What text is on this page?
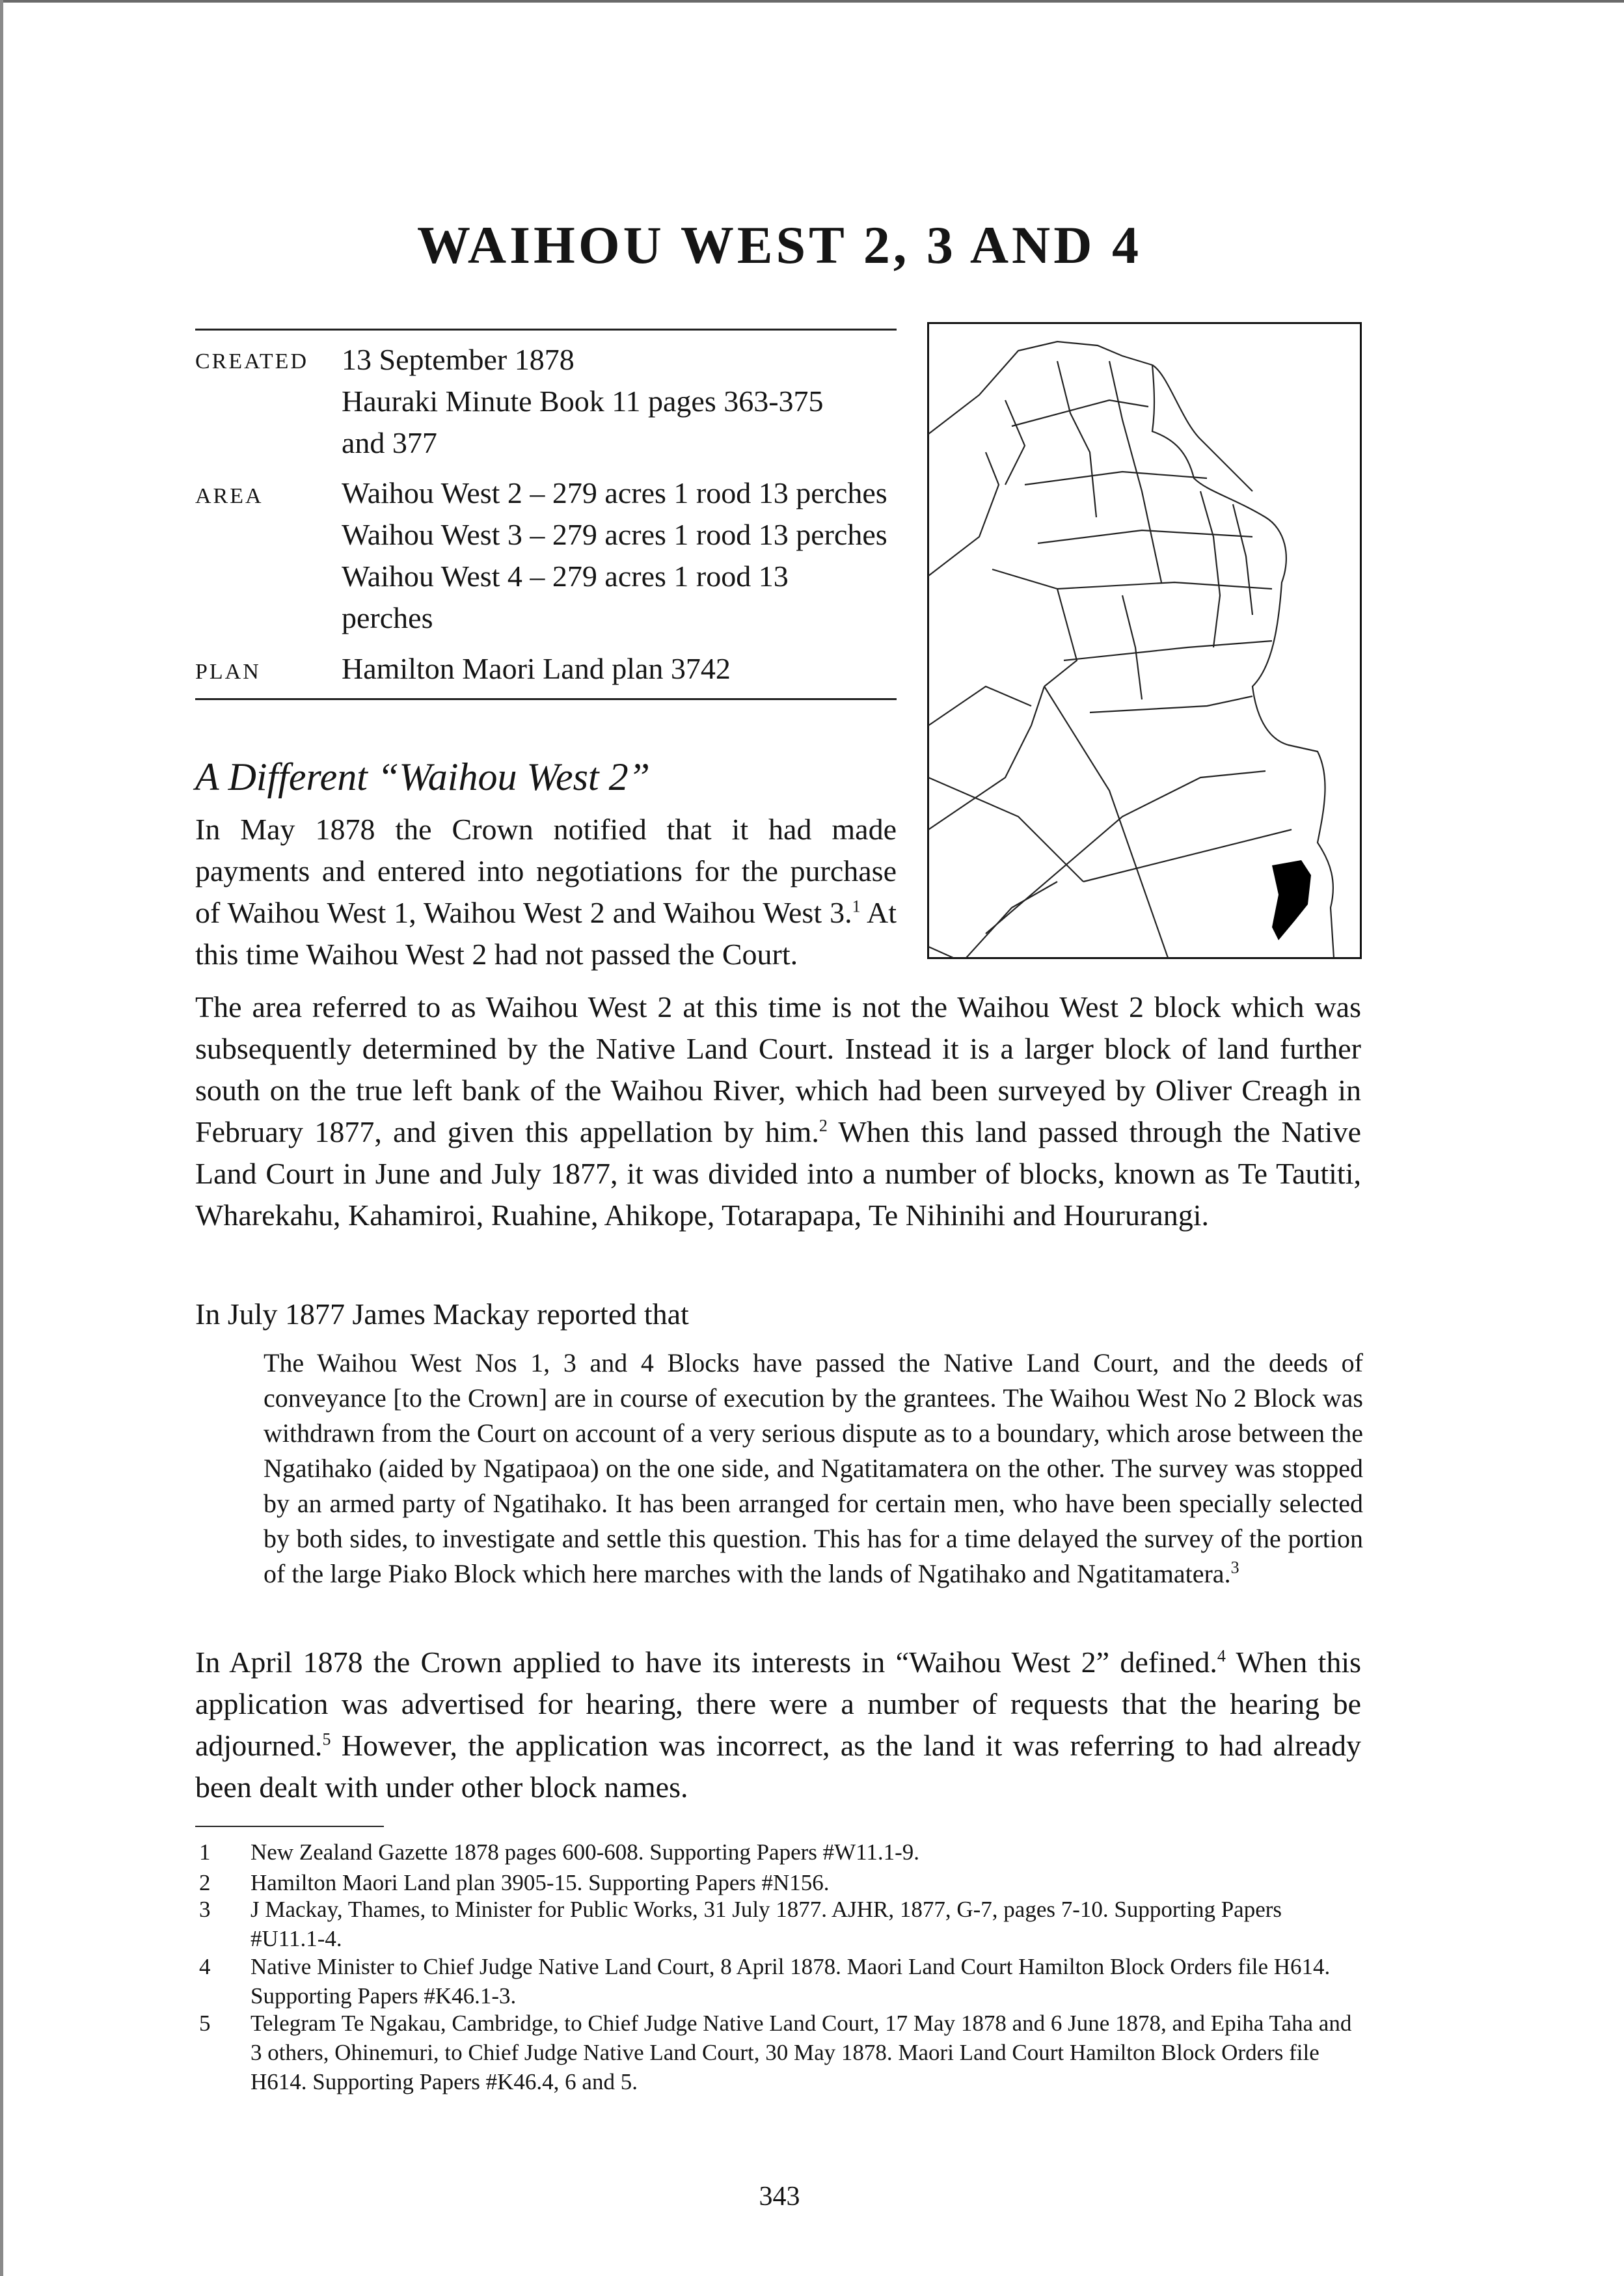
WAIHOU WEST 2, 3 AND 4
CREATED 13 September 1878
Hauraki Minute Book 11 pages 363-375
and 377
AREA	Waihou West 2 – 279 acres 1 rood 13 perches
Waihou West 3 – 279 acres 1 rood 13 perches
Waihou West 4 – 279 acres 1 rood 13
perches
PLAN	Hamilton Maori Land plan 3742
A Different “Waihou West 2”
In May 1878 the Crown notified that it had made payments and entered into negotiations for the purchase of Waihou West 1, Waihou West 2 and Waihou West 3.$^1$ At this time Waihou West 2 had not passed the Court.
The area referred to as Waihou West 2 at this time is not the Waihou West 2 block which was subsequently determined by the Native Land Court. Instead it is a larger block of land further south on the true left bank of the Waihou River, which had been surveyed by Oliver Creagh in February 1877, and given this appellation by him.$^2$ When this land passed through the Native Land Court in June and July 1877, it was divided into a number of blocks, known as Te Tautiti, Wharekahu, Kahamiroi, Ruahine, Ahikope, Totarapapa, Te Nihinihi and Hoururangi.
In July 1877 James Mackay reported that
The Waihou West Nos 1, 3 and 4 Blocks have passed the Native Land Court, and the deeds of conveyance [to the Crown] are in course of execution by the grantees. The Waihou West No 2 Block was withdrawn from the Court on account of a very serious dispute as to a boundary, which arose between the Ngatihako (aided by Ngatipaoa) on the one side, and Ngatitamatera on the other. The survey was stopped by an armed party of Ngatihako. It has been arranged for certain men, who have been specially selected by both sides, to investigate and settle this question. This has for a time delayed the survey of the portion of the large Piako Block which here marches with the lands of Ngatihako and Ngatitamatera.$^3$
In April 1878 the Crown applied to have its interests in “Waihou West 2” defined.$^4$ When this application was advertised for hearing, there were a number of requests that the hearing be adjourned.$^5$ However, the application was incorrect, as the land it was referring to had already been dealt with under other block names.
1 New Zealand Gazette 1878 pages 600-608. Supporting Papers #W11.1-9.
2 Hamilton Maori Land plan 3905-15. Supporting Papers #N156.
3 J Mackay, Thames, to Minister for Public Works, 31 July 1877. AJHR, 1877, G-7, pages 7-10. Supporting Papers #U11.1-4.
4 Native Minister to Chief Judge Native Land Court, 8 April 1878. Maori Land Court Hamilton Block Orders file H614. Supporting Papers #K46.1-3.
5 Telegram Te Ngakau, Cambridge, to Chief Judge Native Land Court, 17 May 1878 and 6 June 1878, and Epiha Taha and 3 others, Ohinemuri, to Chief Judge Native Land Court, 30 May 1878. Maori Land Court Hamilton Block Orders file H614. Supporting Papers #K46.4, 6 and 5.
343
